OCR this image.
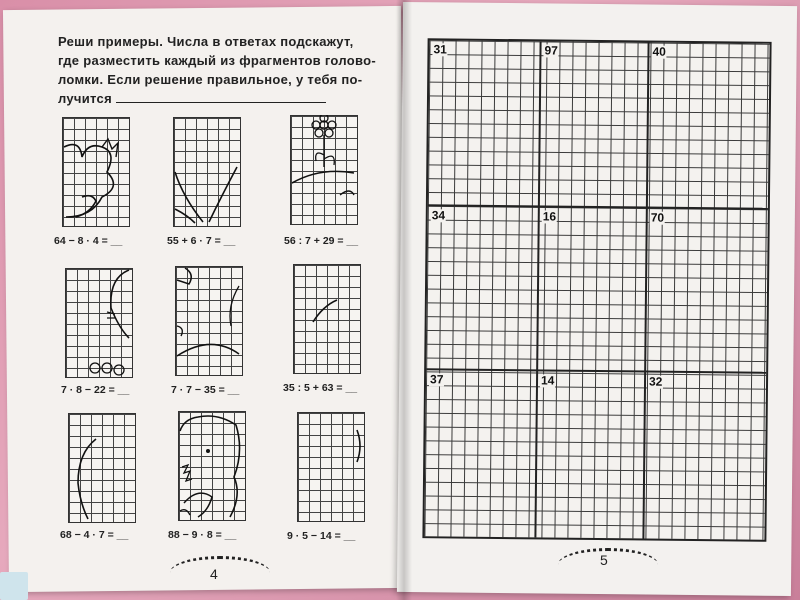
Реши примеры. Числа в ответах подскажут,
где разместить каждый из фрагментов голово-
ломки. Если решение правильное, у тебя по-
лучится
64 − 8 · 4 = __	55 + 6 · 7 = __	56 : 7 + 29 = __
7 · 8 − 22 = __	7 · 7 − 35 = __	35 : 5 + 63 = __
68 − 4 · 7 = __	88 − 9 · 8 = __	9 · 5 − 14 = __
4
5
31	97	40
34	16	70
37	14	32
